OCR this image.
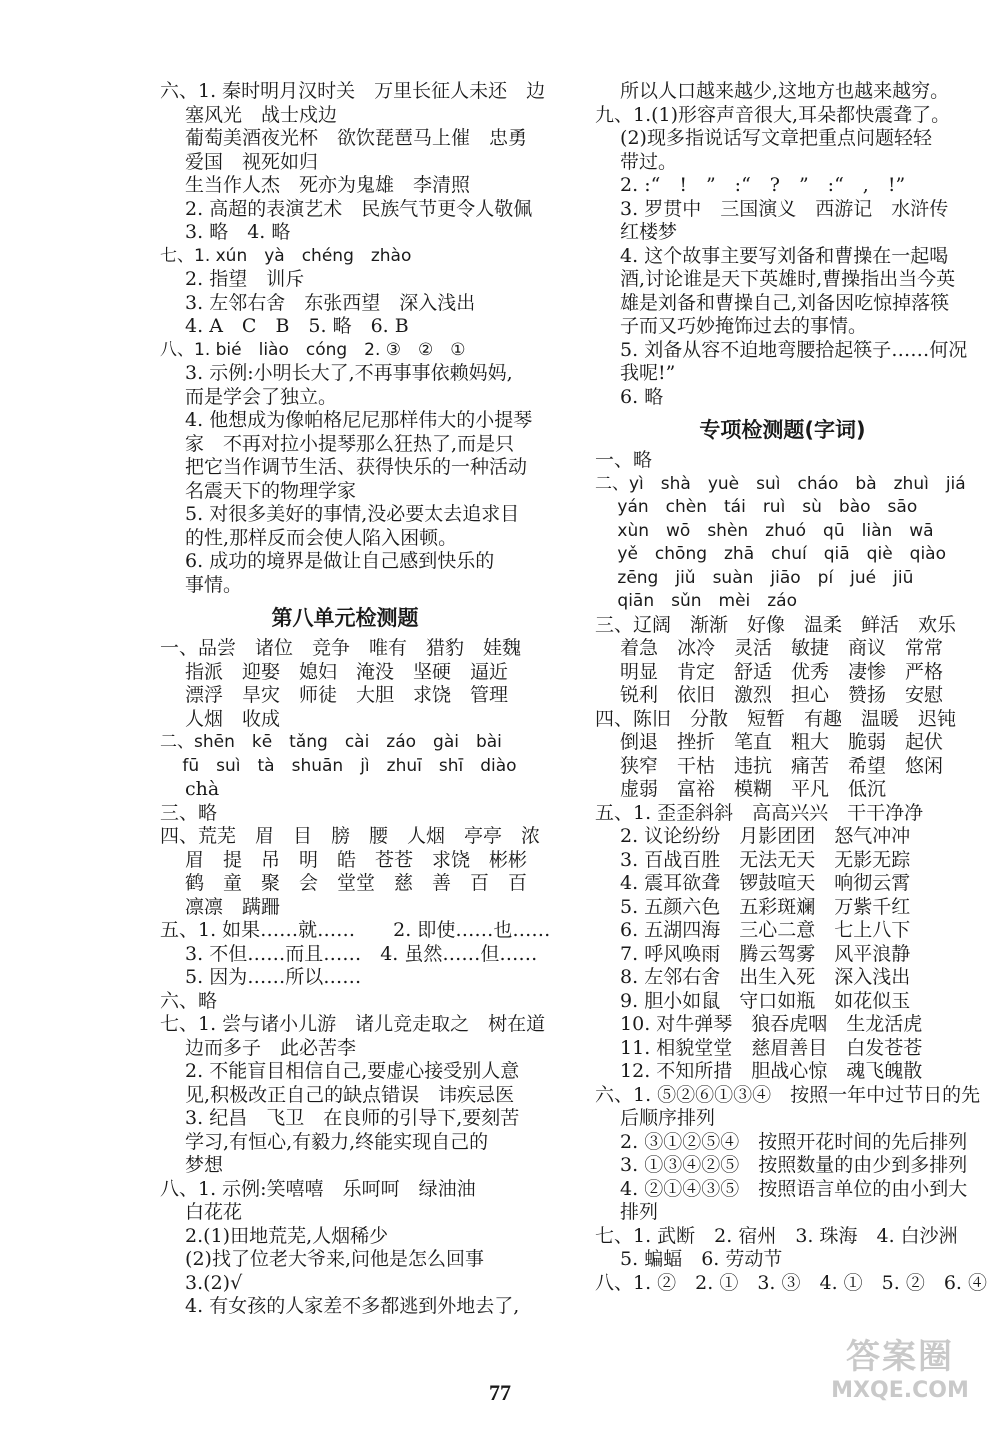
六、1. 秦时明月汉时关　万里长征人未还　边
　 塞风光　战士戍边
　 葡萄美酒夜光杯　欲饮琵琶马上催　忠勇
　 爱国　视死如归
　 生当作人杰　死亦为鬼雄　李清照
　 2. 高超的表演艺术　民族气节更令人敬佩
　 3. 略　4. 略
七、1. xún　yà　chéng　zhào
　 2. 指望　训斥
　 3. 左邻右舍　东张西望　深入浅出
　 4. A　C　B　5. 略　6. B
八、1. bié　liào　cóng　2. ③　②　①
　 3. 示例:小明长大了,不再事事依赖妈妈,
　 而是学会了独立。
　 4. 他想成为像帕格尼尼那样伟大的小提琴
　 家　不再对拉小提琴那么狂热了,而是只
　 把它当作调节生活、获得快乐的一种活动
　 名震天下的物理学家
　 5. 对很多美好的事情,没必要太去追求目
　 的性,那样反而会使人陷入困顿。
　 6. 成功的境界是做让自己感到快乐的
　 事情。
第八单元检测题
一、品尝　诸位　竞争　唯有　猎豹　娃魏
　 指派　迎娶　媳妇　淹没　坚硬　逼近
　 漂浮　旱灾　师徒　大胆　求饶　管理
　 人烟　收成
二、shēn　kē　tǎng　cài　záo　gài　bài
　 fū　suì　tà　shuān　jì　zhuī　shī　diào
　 chà
三、略
四、荒芜　眉　目　膀　腰　人烟　亭亭　浓
　 眉　提　吊　明　皓　苍苍　求饶　彬彬
　 鹤　童　聚　会　堂堂　慈　善　百　百
　 凛凛　蹒跚
五、1. 如果……就……　　2. 即使……也……
　 3. 不但……而且……　4. 虽然……但……
　 5. 因为……所以……
六、略
七、1. 尝与诸小儿游　诸儿竞走取之　树在道
　 边而多子　此必苦李
　 2. 不能盲目相信自己,要虚心接受别人意
　 见,积极改正自己的缺点错误　讳疾忌医
　 3. 纪昌　飞卫　在良师的引导下,要刻苦
　 学习,有恒心,有毅力,终能实现自己的
　 梦想
八、1. 示例:笑嘻嘻　乐呵呵　绿油油
　 白花花
　 2.(1)田地荒芜,人烟稀少
　 (2)找了位老大爷来,问他是怎么回事
　 3.(2)√
　 4. 有女孩的人家差不多都逃到外地去了,
　 所以人口越来越少,这地方也越来越穷。
九、1.(1)形容声音很大,耳朵都快震聋了。
　 (2)现多指说话写文章把重点问题轻轻
　 带过。
　 2. :“　!　”　:“　?　”　:“　,　!”
　 3. 罗贯中　三国演义　西游记　水浒传
　 红楼梦
　 4. 这个故事主要写刘备和曹操在一起喝
　 酒,讨论谁是天下英雄时,曹操指出当今英
　 雄是刘备和曹操自己,刘备因吃惊掉落筷
　 子而又巧妙掩饰过去的事情。
　 5. 刘备从容不迫地弯腰拾起筷子……何况
　 我呢!”
　 6. 略
专项检测题(字词)
一、略
二、yì　shà　yuè　suì　cháo　bà　zhuì　jiá
　 yán　chèn　tái　ruì　sù　bào　sāo
　 xùn　wō　shèn　zhuó　qū　liàn　wā
　 yě　chōng　zhā　chuí　qiā　qiè　qiào
　 zēng　jiǔ　suàn　jiāo　pí　jué　jiū
　 qiān　sǔn　mèi　záo
三、辽阔　渐渐　好像　温柔　鲜活　欢乐
　 着急　冰冷　灵活　敏捷　商议　常常
　 明显　肯定　舒适　优秀　凄惨　严格
　 锐利　依旧　激烈　担心　赞扬　安慰
四、陈旧　分散　短暂　有趣　温暖　迟钝
　 倒退　挫折　笔直　粗大　脆弱　起伏
　 狭窄　干枯　违抗　痛苦　希望　悠闲
　 虚弱　富裕　模糊　平凡　低沉
五、1. 歪歪斜斜　高高兴兴　干干净净
　 2. 议论纷纷　月影团团　怒气冲冲
　 3. 百战百胜　无法无天　无影无踪
　 4. 震耳欲聋　锣鼓喧天　响彻云霄
　 5. 五颜六色　五彩斑斓　万紫千红
　 6. 五湖四海　三心二意　七上八下
　 7. 呼风唤雨　腾云驾雾　风平浪静
　 8. 左邻右舍　出生入死　深入浅出
　 9. 胆小如鼠　守口如瓶　如花似玉
　 10. 对牛弹琴　狼吞虎咽　生龙活虎
　 11. 相貌堂堂　慈眉善目　白发苍苍
　 12. 不知所措　胆战心惊　魂飞魄散
六、1. ⑤②⑥①③④　按照一年中过节日的先
　 后顺序排列
　 2. ③①②⑤④　按照开花时间的先后排列
　 3. ①③④②⑤　按照数量的由少到多排列
　 4. ②①④③⑤　按照语言单位的由小到大
　 排列
七、1. 武断　2. 宿州　3. 珠海　4. 白沙洲
　 5. 蝙蝠　6. 劳动节
八、1. ②　2. ①　3. ③　4. ①　5. ②　6. ④
77
答案圈
MXQE.COM
